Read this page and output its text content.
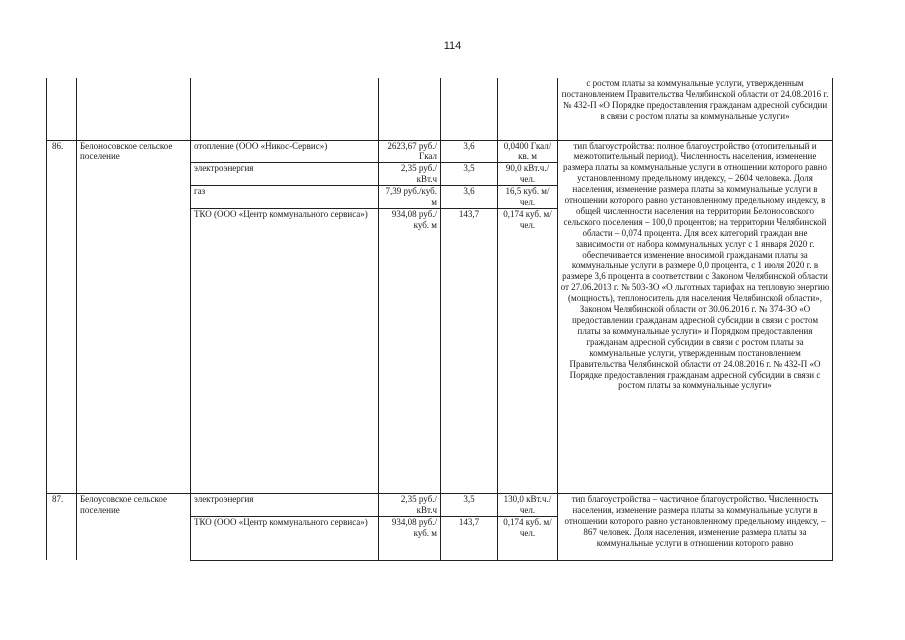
114
						с ростом платы за коммунальные услуги, утвержденным постановлением Правительства Челябинской области от 24.08.2016 г. № 432-П «О Порядке предоставления гражданам адресной субсидии в связи с ростом платы за коммунальные услуги»
86.	Белоносовское сельское поселение	отопление (ООО «Никос-Сервис»)	2623,67 руб./Гкал	3,6	0,0400 Гкал/кв. м	тип благоустройства: полное благоустройство (отопительный и межотопительный период). Численность населения, изменение размера платы за коммунальные услуги в отношении которого равно установленному предельному индексу, – 2604 человека. Доля населения, изменение размера платы за коммунальные услуги в отношении которого равно установленному предельному индексу, в общей численности населения на территории Белоносовского сельского поселения – 100,0 процентов; на территории Челябинской области – 0,074 процента. Для всех категорий граждан вне зависимости от набора коммунальных услуг с 1 января 2020 г. обеспечивается изменение вносимой гражданами платы за коммунальные услуги в размере 0,0 процента, с 1 июля 2020 г. в размере 3,6 процента в соответствии с Законом Челябинской области от 27.06.2013 г. № 503-ЗО «О льготных тарифах на тепловую энергию (мощность), теплоноситель для населения Челябинской области», Законом Челябинской области от 30.06.2016 г. № 374-ЗО «О предоставлении гражданам адресной субсидии в связи с ростом платы за коммунальные услуги» и Порядком предоставления гражданам адресной субсидии в связи с ростом платы за коммунальные услуги, утвержденным постановлением Правительства Челябинской области от 24.08.2016 г. № 432-П «О Порядке предоставления гражданам адресной субсидии в связи с ростом платы за коммунальные услуги»
		электроэнергия	2,35 руб./кВт.ч	3,5	90,0 кВт.ч./чел.	
		газ	7,39 руб./куб. м	3,6	16,5 куб. м/чел.	
		ТКО (ООО «Центр коммунального сервиса»)	934,08 руб./куб. м	143,7	0,174 куб. м/чел.	
87.	Белоусовское сельское поселение	электроэнергия	2,35 руб./кВт.ч	3,5	130,0 кВт.ч./чел.	тип благоустройства – частичное благоустройство. Численность населения, изменение размера платы за коммунальные услуги в отношении которого равно установленному предельному индексу, – 867 человек. Доля населения, изменение размера платы за коммунальные услуги в отношении которого равно
		ТКО (ООО «Центр коммунального сервиса»)	934,08 руб./куб. м	143,7	0,174 куб. м/чел.	
